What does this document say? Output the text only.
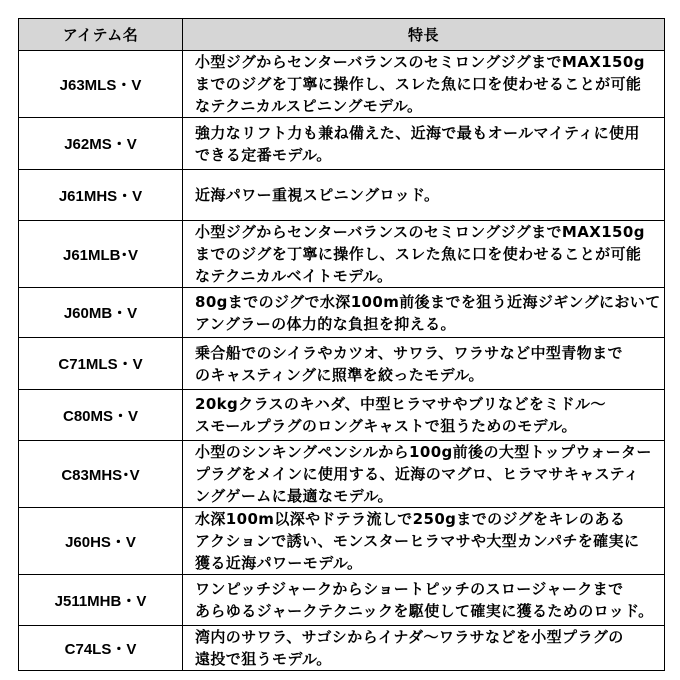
アイテム名	特長
J63MLS・V	小型ジグからセンターバランスのセミロングジグまでMAX150g
までのジグを丁寧に操作し、スレた魚に口を使わせることが可能
なテクニカルスピニングモデル。

J62MS・V	強力なリフト力も兼ね備えた、近海で最もオールマイティに使用
できる定番モデル。

J61MHS・V	近海パワー重視スピニングロッド。

J61MLB･V	小型ジグからセンターバランスのセミロングジグまでMAX150g
までのジグを丁寧に操作し、スレた魚に口を使わせることが可能
なテクニカルベイトモデル。

J60MB・V	80gまでのジグで水深100m前後までを狙う近海ジギングにおいて
アングラーの体力的な負担を抑える。

C71MLS・V	乗合船でのシイラやカツオ、サワラ、ワラサなど中型青物まで
のキャスティングに照準を絞ったモデル。

C80MS・V	20kgクラスのキハダ、中型ヒラマサやブリなどをミドル～
スモールプラグのロングキャストで狙うためのモデル。

C83MHS･V	小型のシンキングペンシルから100g前後の大型トップウォーター
プラグをメインに使用する、近海のマグロ、ヒラマサキャスティ
ングゲームに最適なモデル。

J60HS・V	水深100m以深やドテラ流しで250gまでのジグをキレのある
アクションで誘い、モンスターヒラマサや大型カンパチを確実に
獲る近海パワーモデル。

J511MHB・V	ワンピッチジャークからショートピッチのスロージャークまで
あらゆるジャークテクニックを駆使して確実に獲るためのロッド。

C74LS・V	湾内のサワラ、サゴシからイナダ～ワラサなどを小型プラグの
遠投で狙うモデル。
